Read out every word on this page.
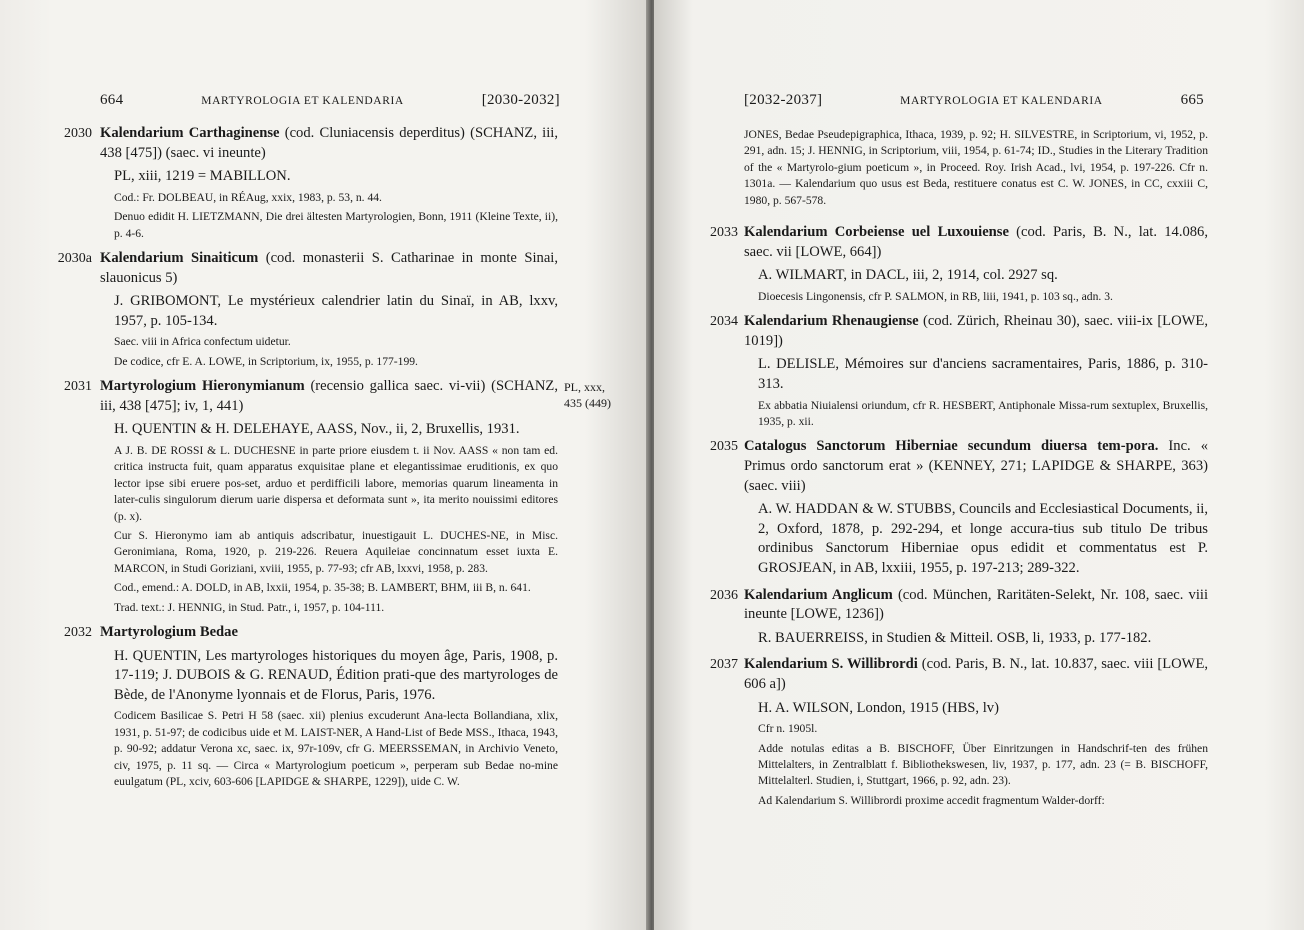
664	MARTYROLOGIA ET KALENDARIA	[2030-2032]
2030 Kalendarium Carthaginense (cod. Cluniacensis deperditus) (SCHANZ, iii, 438 [475]) (saec. vi ineunte)

PL, xiii, 1219 = MABILLON.

Cod.: Fr. DOLBEAU, in RÉAug, xxix, 1983, p. 53, n. 44.

Denuo edidit H. LIETZMANN, Die drei ältesten Martyrologien, Bonn, 1911 (Kleine Texte, ii), p. 4-6.

2030a Kalendarium Sinaiticum (cod. monasterii S. Catharinae in monte Sinai, slauonicus 5)

J. GRIBOMONT, Le mystérieux calendrier latin du Sinaï, in AB, lxxv, 1957, p. 105-134.

Saec. viii in Africa confectum uidetur.

De codice, cfr E. A. LOWE, in Scriptorium, ix, 1955, p. 177-199.

2031	PL, xxx, 435 (449)

Martyrologium Hieronymianum (recensio gallica saec. vi-vii) (SCHANZ, iii, 438 [475]; iv, 1, 441)

H. QUENTIN & H. DELEHAYE, AASS, Nov., ii, 2, Bruxellis, 1931.

A J. B. DE ROSSI & L. DUCHESNE in parte priore eiusdem t. ii Nov. AASS « non tam ed. critica instructa fuit, quam apparatus exquisitae plane et elegantissimae eruditionis, ex quo lector ipse sibi eruere pos-set, arduo et perdifficili labore, memorias quarum lineamenta in later-culis singulorum dierum uarie dispersa et deformata sunt », ita merito nouissimi editores (p. x).

Cur S. Hieronymo iam ab antiquis adscribatur, inuestigauit L. DUCHES-NE, in Misc. Geronimiana, Roma, 1920, p. 219-226. Reuera Aquileiae concinnatum esset iuxta E. MARCON, in Studi Goriziani, xviii, 1955, p. 77-93; cfr AB, lxxvi, 1958, p. 283.

Cod., emend.: A. DOLD, in AB, lxxii, 1954, p. 35-38; B. LAMBERT, BHM, iii B, n. 641.

Trad. text.: J. HENNIG, in Stud. Patr., i, 1957, p. 104-111.

2032 Martyrologium Bedae

H. QUENTIN, Les martyrologes historiques du moyen âge, Paris, 1908, p. 17-119; J. DUBOIS & G. RENAUD, Édition prati-que des martyrologes de Bède, de l'Anonyme lyonnais et de Florus, Paris, 1976.

Codicem Basilicae S. Petri H 58 (saec. xii) plenius excuderunt Ana-lecta Bollandiana, xlix, 1931, p. 51-97; de codicibus uide et M. LAIST-NER, A Hand-List of Bede MSS., Ithaca, 1943, p. 90-92; addatur Verona xc, saec. ix, 97r-109v, cfr G. MEERSSEMAN, in Archivio Veneto, civ, 1975, p. 11 sq. — Circa « Martyrologium poeticum », perperam sub Bedae no-mine euulgatum (PL, xciv, 603-606 [LAPIDGE & SHARPE, 1229]), uide C. W.

[2032-2037]	MARTYROLOGIA ET KALENDARIA	665

JONES, Bedae Pseudepigraphica, Ithaca, 1939, p. 92; H. SILVESTRE, in Scriptorium, vi, 1952, p. 291, adn. 15; J. HENNIG, in Scriptorium, viii, 1954, p. 61-74; ID., Studies in the Literary Tradition of the « Martyrolo-gium poeticum », in Proceed. Roy. Irish Acad., lvi, 1954, p. 197-226. Cfr n. 1301a. — Kalendarium quo usus est Beda, restituere conatus est C. W. JONES, in CC, cxxiii C, 1980, p. 567-578.

2033 Kalendarium Corbeiense uel Luxouiense (cod. Paris, B. N., lat. 14.086, saec. vii [LOWE, 664])

A. WILMART, in DACL, iii, 2, 1914, col. 2927 sq.

Dioecesis Lingonensis, cfr P. SALMON, in RB, liii, 1941, p. 103 sq., adn. 3.

2034 Kalendarium Rhenaugiense (cod. Zürich, Rheinau 30), saec. viii-ix [LOWE, 1019])

L. DELISLE, Mémoires sur d'anciens sacramentaires, Paris, 1886, p. 310-313.

Ex abbatia Niuialensi oriundum, cfr R. HESBERT, Antiphonale Missa-rum sextuplex, Bruxellis, 1935, p. xii.

2035 Catalogus Sanctorum Hiberniae secundum diuersa tem-pora. Inc. « Primus ordo sanctorum erat » (KENNEY, 271; LAPIDGE & SHARPE, 363) (saec. viii)

A. W. HADDAN & W. STUBBS, Councils and Ecclesiastical Documents, ii, 2, Oxford, 1878, p. 292-294, et longe accura-tius sub titulo De tribus ordinibus Sanctorum Hiberniae opus edidit et commentatus est P. GROSJEAN, in AB, lxxiii, 1955, p. 197-213; 289-322.

2036 Kalendarium Anglicum (cod. München, Raritäten-Selekt, Nr. 108, saec. viii ineunte [LOWE, 1236])

R. BAUERREISS, in Studien & Mitteil. OSB, li, 1933, p. 177-182.

2037 Kalendarium S. Willibrordi (cod. Paris, B. N., lat. 10.837, saec. viii [LOWE, 606 a])

H. A. WILSON, London, 1915 (HBS, lv)

Cfr n. 1905l.

Adde notulas editas a B. BISCHOFF, Über Einritzungen in Handschrif-ten des frühen Mittelalters, in Zentralblatt f. Bibliothekswesen, liv, 1937, p. 177, adn. 23 (= B. BISCHOFF, Mittelalterl. Studien, i, Stuttgart, 1966, p. 92, adn. 23).

Ad Kalendarium S. Willibrordi proxime accedit fragmentum Walder-dorff:
